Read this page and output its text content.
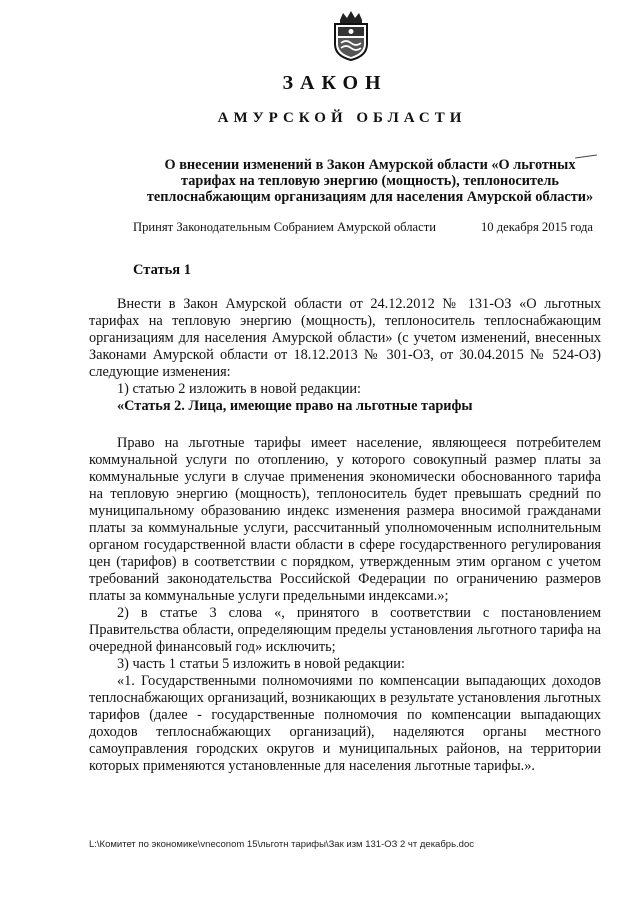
ЗАКОН
АМУРСКОЙ ОБЛАСТИ
О внесении изменений в Закон Амурской области «О льготных
тарифах на тепловую энергию (мощность), теплоноситель
теплоснабжающим организациям для населения Амурской области»
Принят Законодательным Собранием Амурской области	10 декабря 2015 года
Статья 1

Внести в Закон Амурской области от 24.12.2012 № 131-ОЗ «О льготных тарифах на тепловую энергию (мощность), теплоноситель теплоснабжающим организациям для населения Амурской области» (с учетом изменений, внесенных Законами Амурской области от 18.12.2013 № 301-ОЗ, от 30.04.2015 № 524-ОЗ) следующие изменения:

1) статью 2 изложить в новой редакции:

«Статья 2. Лица, имеющие право на льготные тарифы

Право на льготные тарифы имеет население, являющееся потребителем коммунальной услуги по отоплению, у которого совокупный размер платы за коммунальные услуги в случае применения экономически обоснованного тарифа на тепловую энергию (мощность), теплоноситель будет превышать средний по муниципальному образованию индекс изменения размера вносимой гражданами платы за коммунальные услуги, рассчитанный уполномоченным исполнительным органом государственной власти области в сфере государственного регулирования цен (тарифов) в соответствии с порядком, утвержденным этим органом с учетом требований законодательства Российской Федерации по ограничению размеров платы за коммунальные услуги предельными индексами.»;

2) в статье 3 слова «, принятого в соответствии с постановлением Правительства области, определяющим пределы установления льготного тарифа на очередной финансовый год» исключить;

3) часть 1 статьи 5 изложить в новой редакции:

«1. Государственными полномочиями по компенсации выпадающих доходов теплоснабжающих организаций, возникающих в результате установления льготных тарифов (далее - государственные полномочия по компенсации выпадающих доходов теплоснабжающих организаций), наделяются органы местного самоуправления городских округов и муниципальных районов, на территории которых применяются установленные для населения льготные тарифы.».

L:\Комитет по экономике\vneconom 15\льготн тарифы\Зак изм 131-ОЗ 2 чт декабрь.doc
